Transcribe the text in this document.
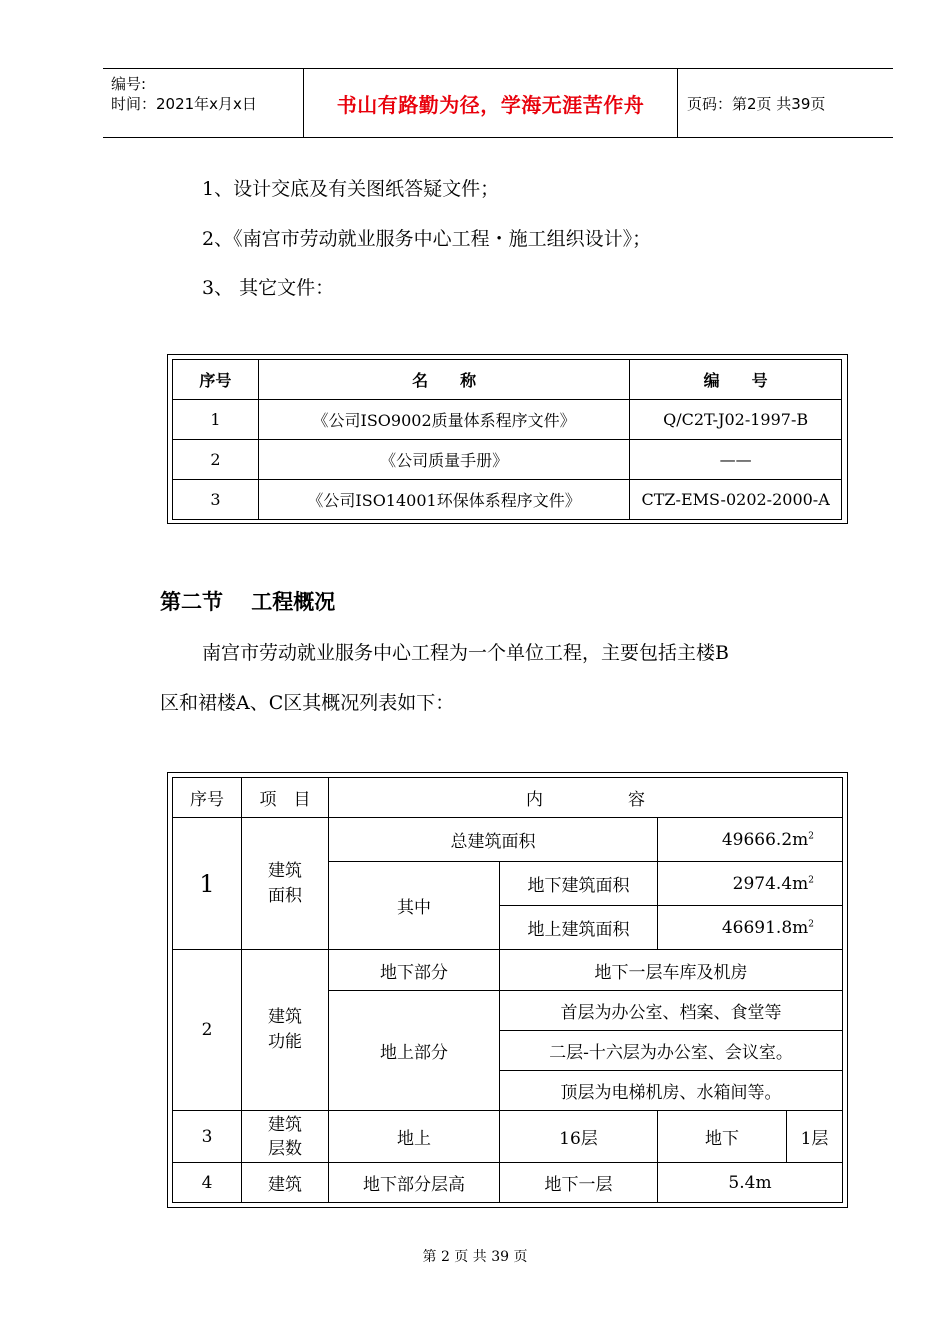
编号:
时间：2021年x月x日	书山有路勤为径，学海无涯苦作舟	页码：第2页 共39页
1、设计交底及有关图纸答疑文件；
2、《南宫市劳动就业服务中心工程・施工组织设计》；
3、 其它文件：
序号	名　　称	编　　号
1	《公司ISO9002质量体系程序文件》	Q/C2T-J02-1997-B
2	《公司质量手册》	——
3	《公司ISO14001环保体系程序文件》	CTZ-EMS-0202-2000-A
第二节　 工程概况
南宫市劳动就业服务中心工程为一个单位工程，主要包括主楼B
区和裙楼A、C区其概况列表如下：
序号	项　目	内　　　　　容			
1	建筑面积	总建筑面积		$49666.2m^2$
		其中	地下建筑面积	$2974.4m^2$
			地上建筑面积	$46691.8m^2$
2	建筑功能	地下部分	地下一层车库及机房		
		地上部分	首层为办公室、档案、食堂等		
			二层-十六层为办公室、会议室。		
			顶层为电梯机房、水箱间等。		
3	建筑层数	地上	16层	地下	1层
4	建筑	地下部分层高	地下一层	5.4m	
第 2 页 共 39 页
